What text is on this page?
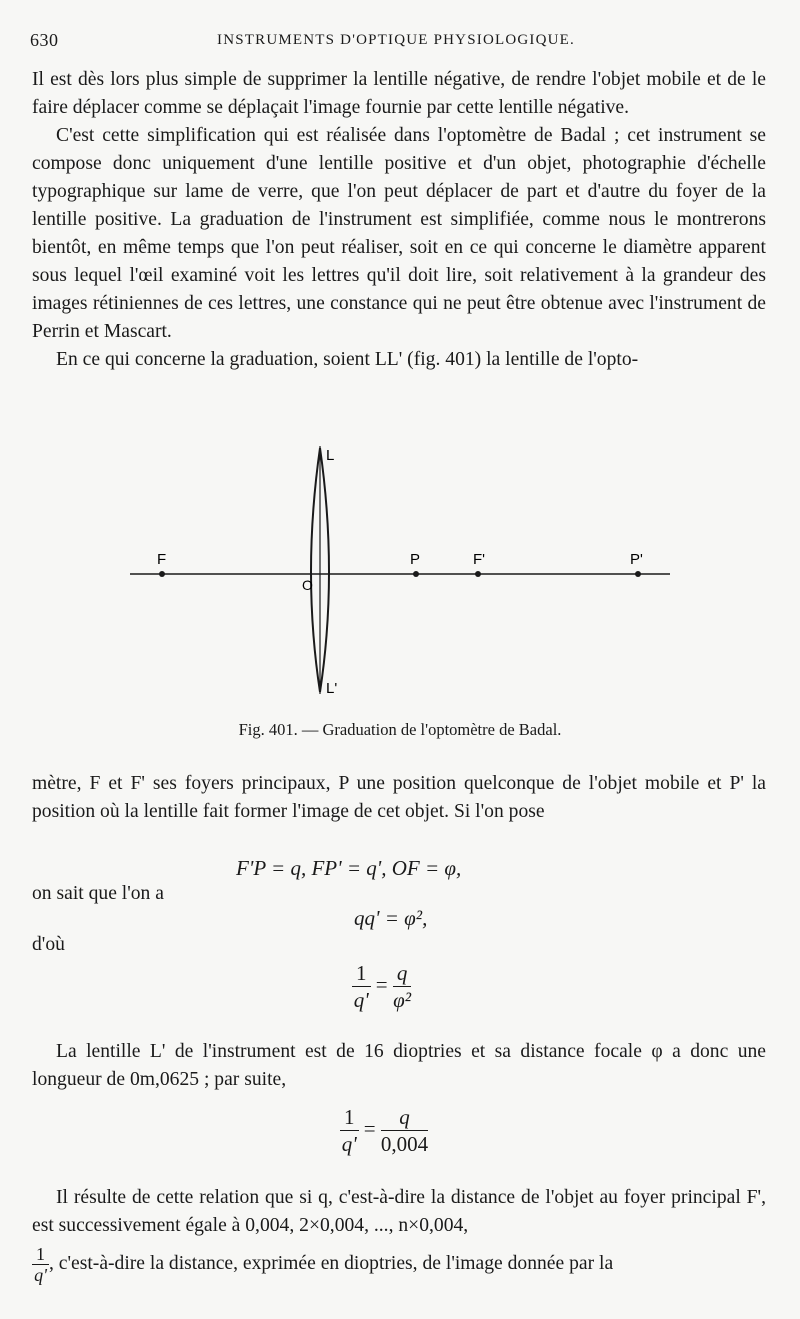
630	INSTRUMENTS D'OPTIQUE PHYSIOLOGIQUE.

Il est dès lors plus simple de supprimer la lentille négative, de rendre l'objet mobile et de le faire déplacer comme se déplaçait l'image fournie par cette lentille négative.

C'est cette simplification qui est réalisée dans l'optomètre de Badal ; cet instrument se compose donc uniquement d'une lentille positive et d'un objet, photographie d'échelle typographique sur lame de verre, que l'on peut déplacer de part et d'autre du foyer de la lentille positive. La graduation de l'instrument est simplifiée, comme nous le montrerons bientôt, en même temps que l'on peut réaliser, soit en ce qui concerne le diamètre apparent sous lequel l'œil examiné voit les lettres qu'il doit lire, soit relativement à la grandeur des images rétiniennes de ces lettres, une constance qui ne peut être obtenue avec l'instrument de Perrin et Mascart.

En ce qui concerne la graduation, soient LL' (fig. 401) la lentille de l'opto-

L
L'
O
F	P	F'	P'
Fig. 401. — Graduation de l'optomètre de Badal.

mètre, F et F' ses foyers principaux, P une position quelconque de l'objet mobile et P' la position où la lentille fait former l'image de cet objet. Si l'on pose

F'P = q, FP' = q', OF = φ,
on sait que l'on a
qq' = φ²,
d'où
$\frac{1}{q'} = \frac{q}{\text{φ²}}$

La lentille L' de l'instrument est de 16 dioptries et sa distance focale φ a donc une longueur de 0m,0625 ; par suite,

$\frac{1}{q'} = \frac{q}{0,004}$

Il résulte de cette relation que si q, c'est-à-dire la distance de l'objet au foyer principal F', est successivement égale à 0,004, 2×0,004, ..., n×0,004,

$\frac{1}{q'}$ , c'est-à-dire la distance, exprimée en dioptries, de l'image donnée par la
